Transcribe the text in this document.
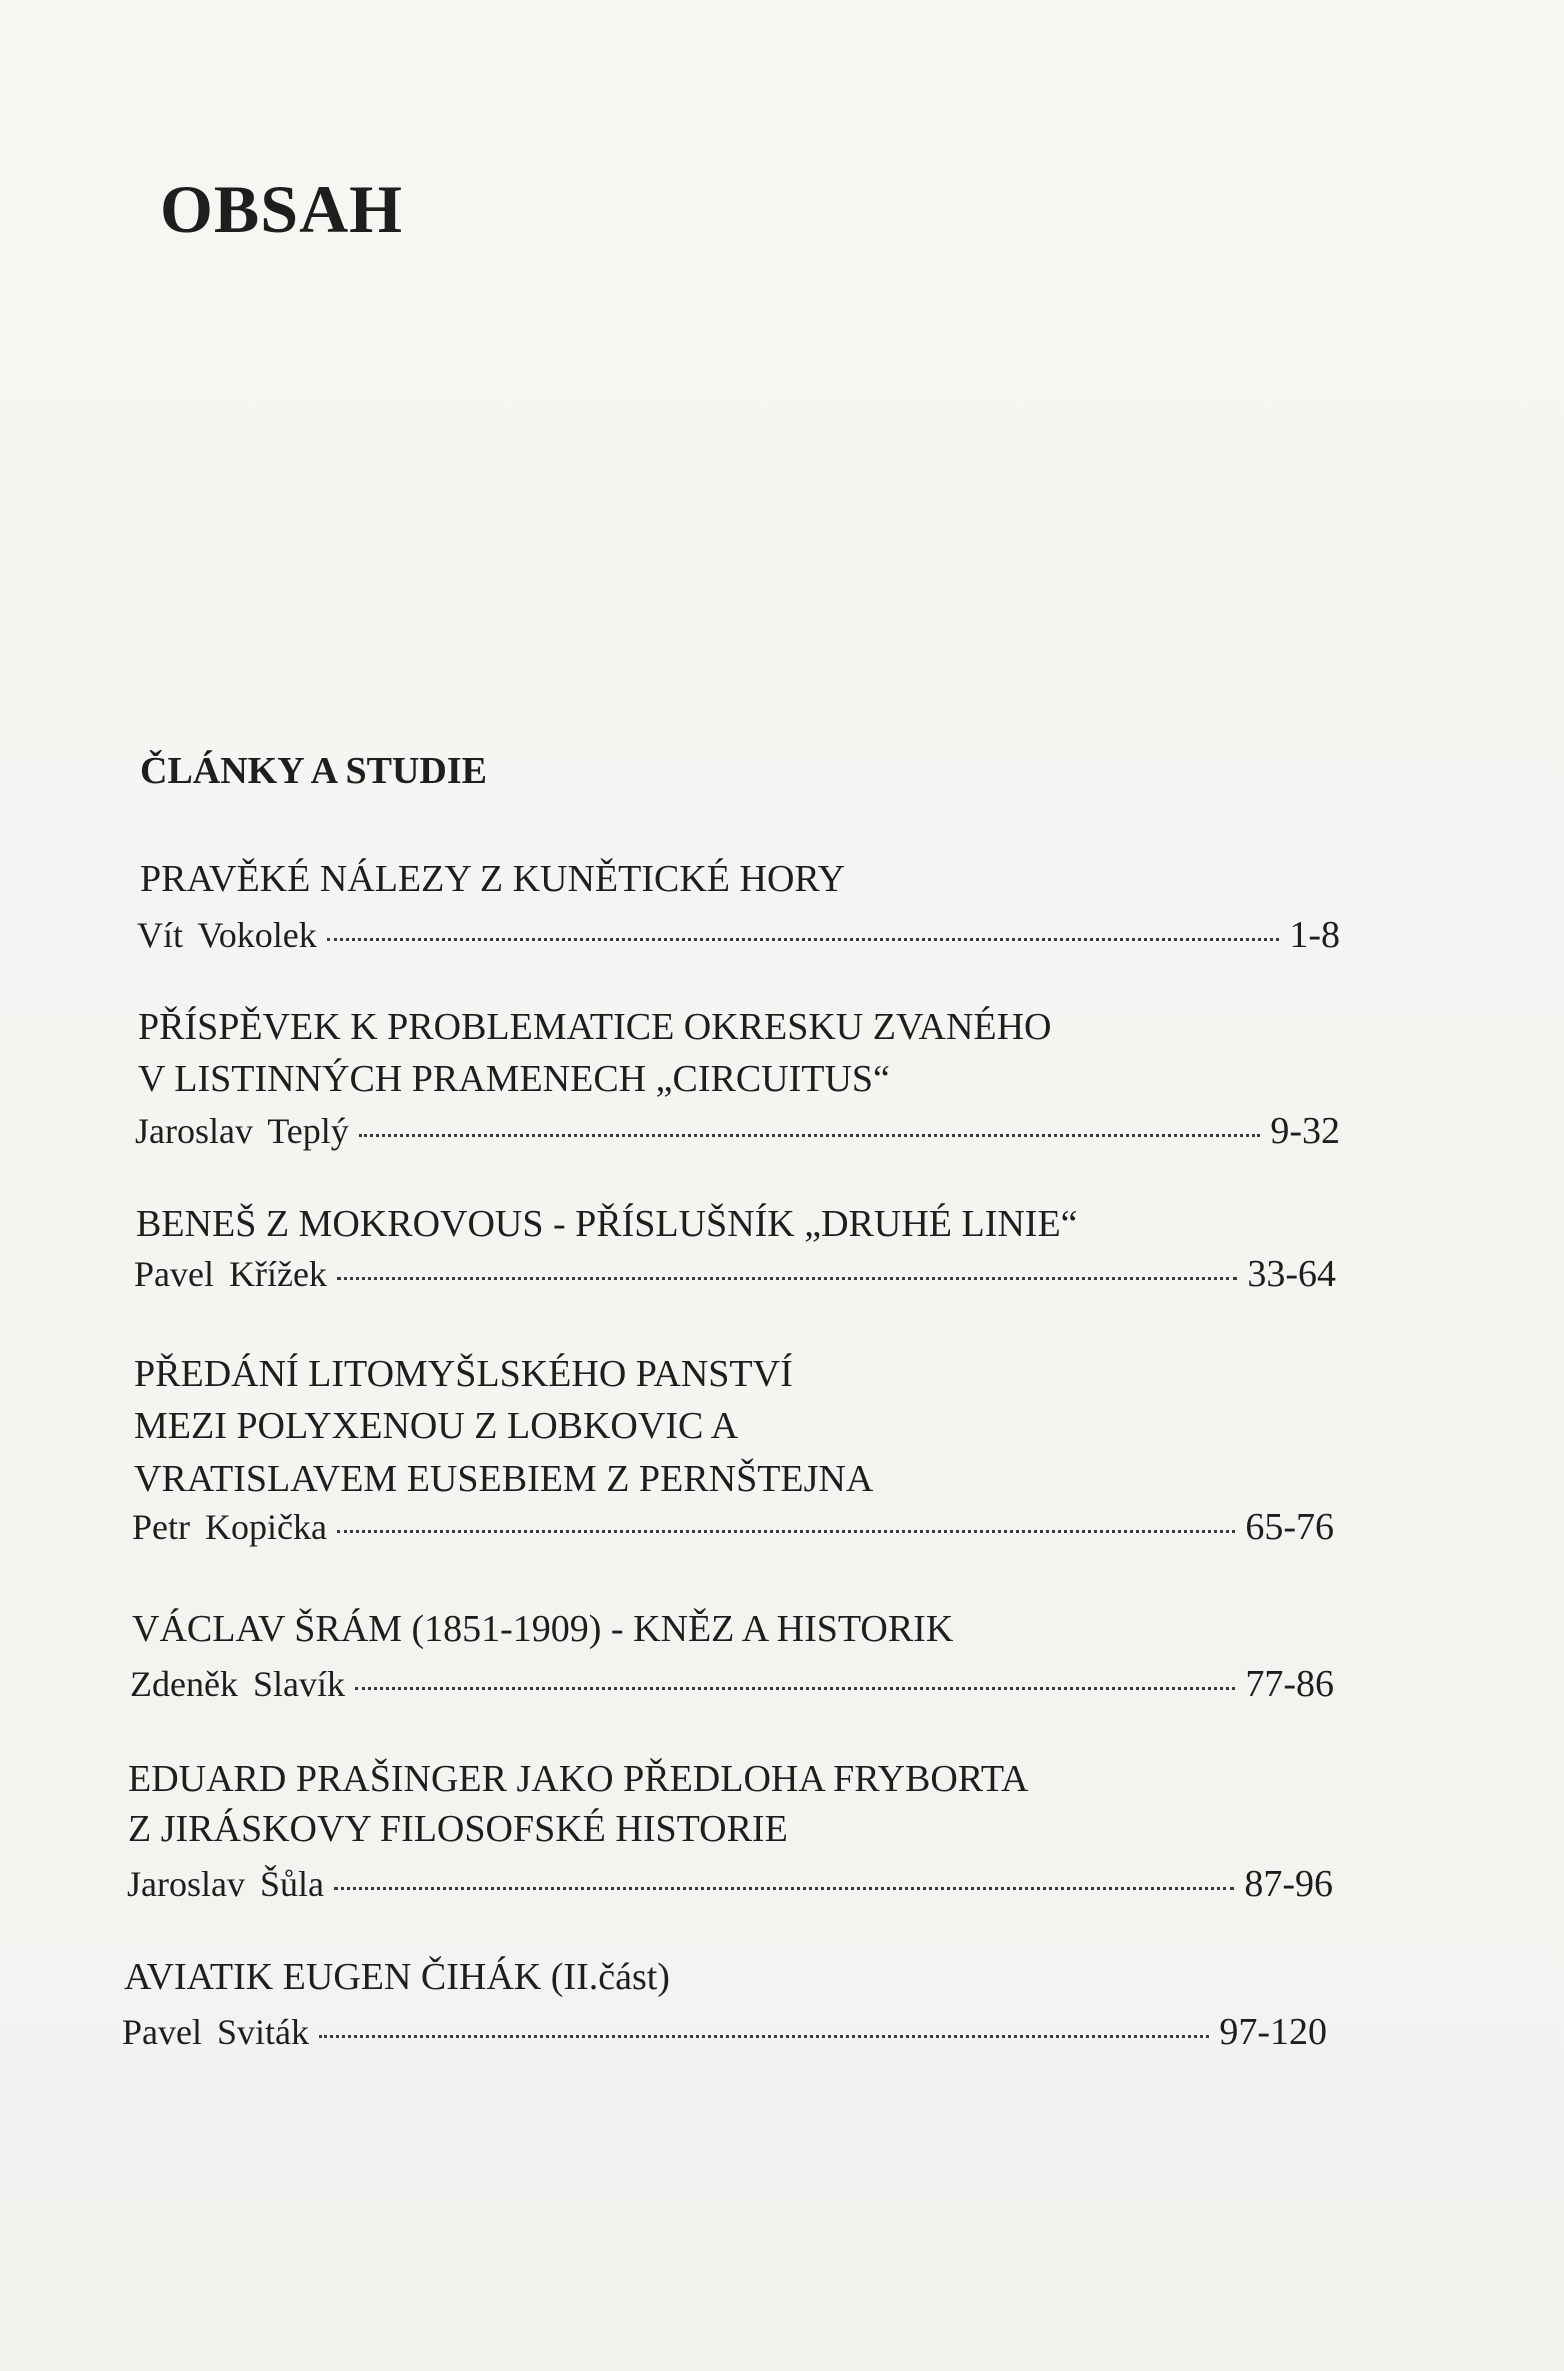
OBSAH
ČLÁNKY A STUDIE
PRAVĚKÉ NÁLEZY Z KUNĚTICKÉ HORY
Vít Vokolek	1-8
PŘÍSPĚVEK K PROBLEMATICE OKRESKU ZVANÉHO
V LISTINNÝCH PRAMENECH „CIRCUITUS“
Jaroslav Teplý	9-32
BENEŠ Z MOKROVOUS - PŘÍSLUŠNÍK „DRUHÉ LINIE“
Pavel Křížek	33-64
PŘEDÁNÍ LITOMYŠLSKÉHO PANSTVÍ
MEZI POLYXENOU Z LOBKOVIC A
VRATISLAVEM EUSEBIEM Z PERNŠTEJNA
Petr Kopička	65-76
VÁCLAV ŠRÁM (1851-1909) - KNĚZ A HISTORIK
Zdeněk Slavík	77-86
EDUARD PRAŠINGER JAKO PŘEDLOHA FRYBORTA
Z JIRÁSKOVY FILOSOFSKÉ HISTORIE
Jaroslav Šůla	87-96
AVIATIK EUGEN ČIHÁK (II.část)
Pavel Sviták	97-120
